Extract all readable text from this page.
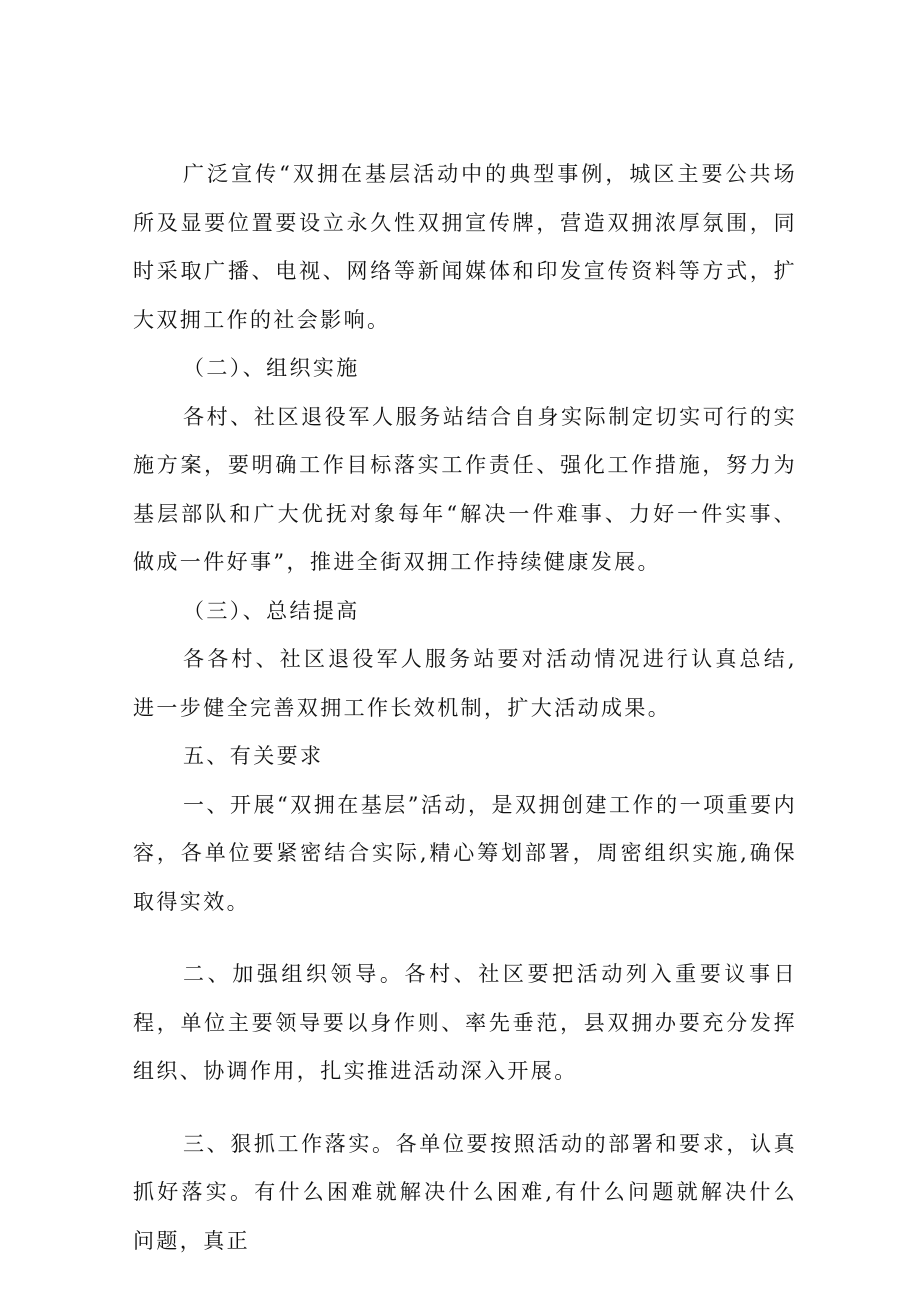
广泛宣传“双拥在基层活动中的典型事例，城区主要公共场所及显要位置要设立永久性双拥宣传牌，营造双拥浓厚氛围，同时采取广播、电视、网络等新闻媒体和印发宣传资料等方式，扩大双拥工作的社会影响。

（二）、组织实施

各村、社区退役军人服务站结合自身实际制定切实可行的实施方案，要明确工作目标落实工作责任、强化工作措施，努力为基层部队和广大优抚对象每年“解决一件难事、力好一件实事、做成一件好事”，推进全街双拥工作持续健康发展。

（三）、总结提高

各各村、社区退役军人服务站要对活动情况进行认真总结,进一步健全完善双拥工作长效机制，扩大活动成果。

五、有关要求

一、开展“双拥在基层”活动，是双拥创建工作的一项重要内容，各单位要紧密结合实际,精心筹划部署，周密组织实施,确保取得实效。

二、加强组织领导。各村、社区要把活动列入重要议事日程，单位主要领导要以身作则、率先垂范，县双拥办要充分发挥组织、协调作用，扎实推进活动深入开展。

三、狠抓工作落实。各单位要按照活动的部署和要求，认真抓好落实。有什么困难就解决什么困难,有什么问题就解决什么问题，真正
